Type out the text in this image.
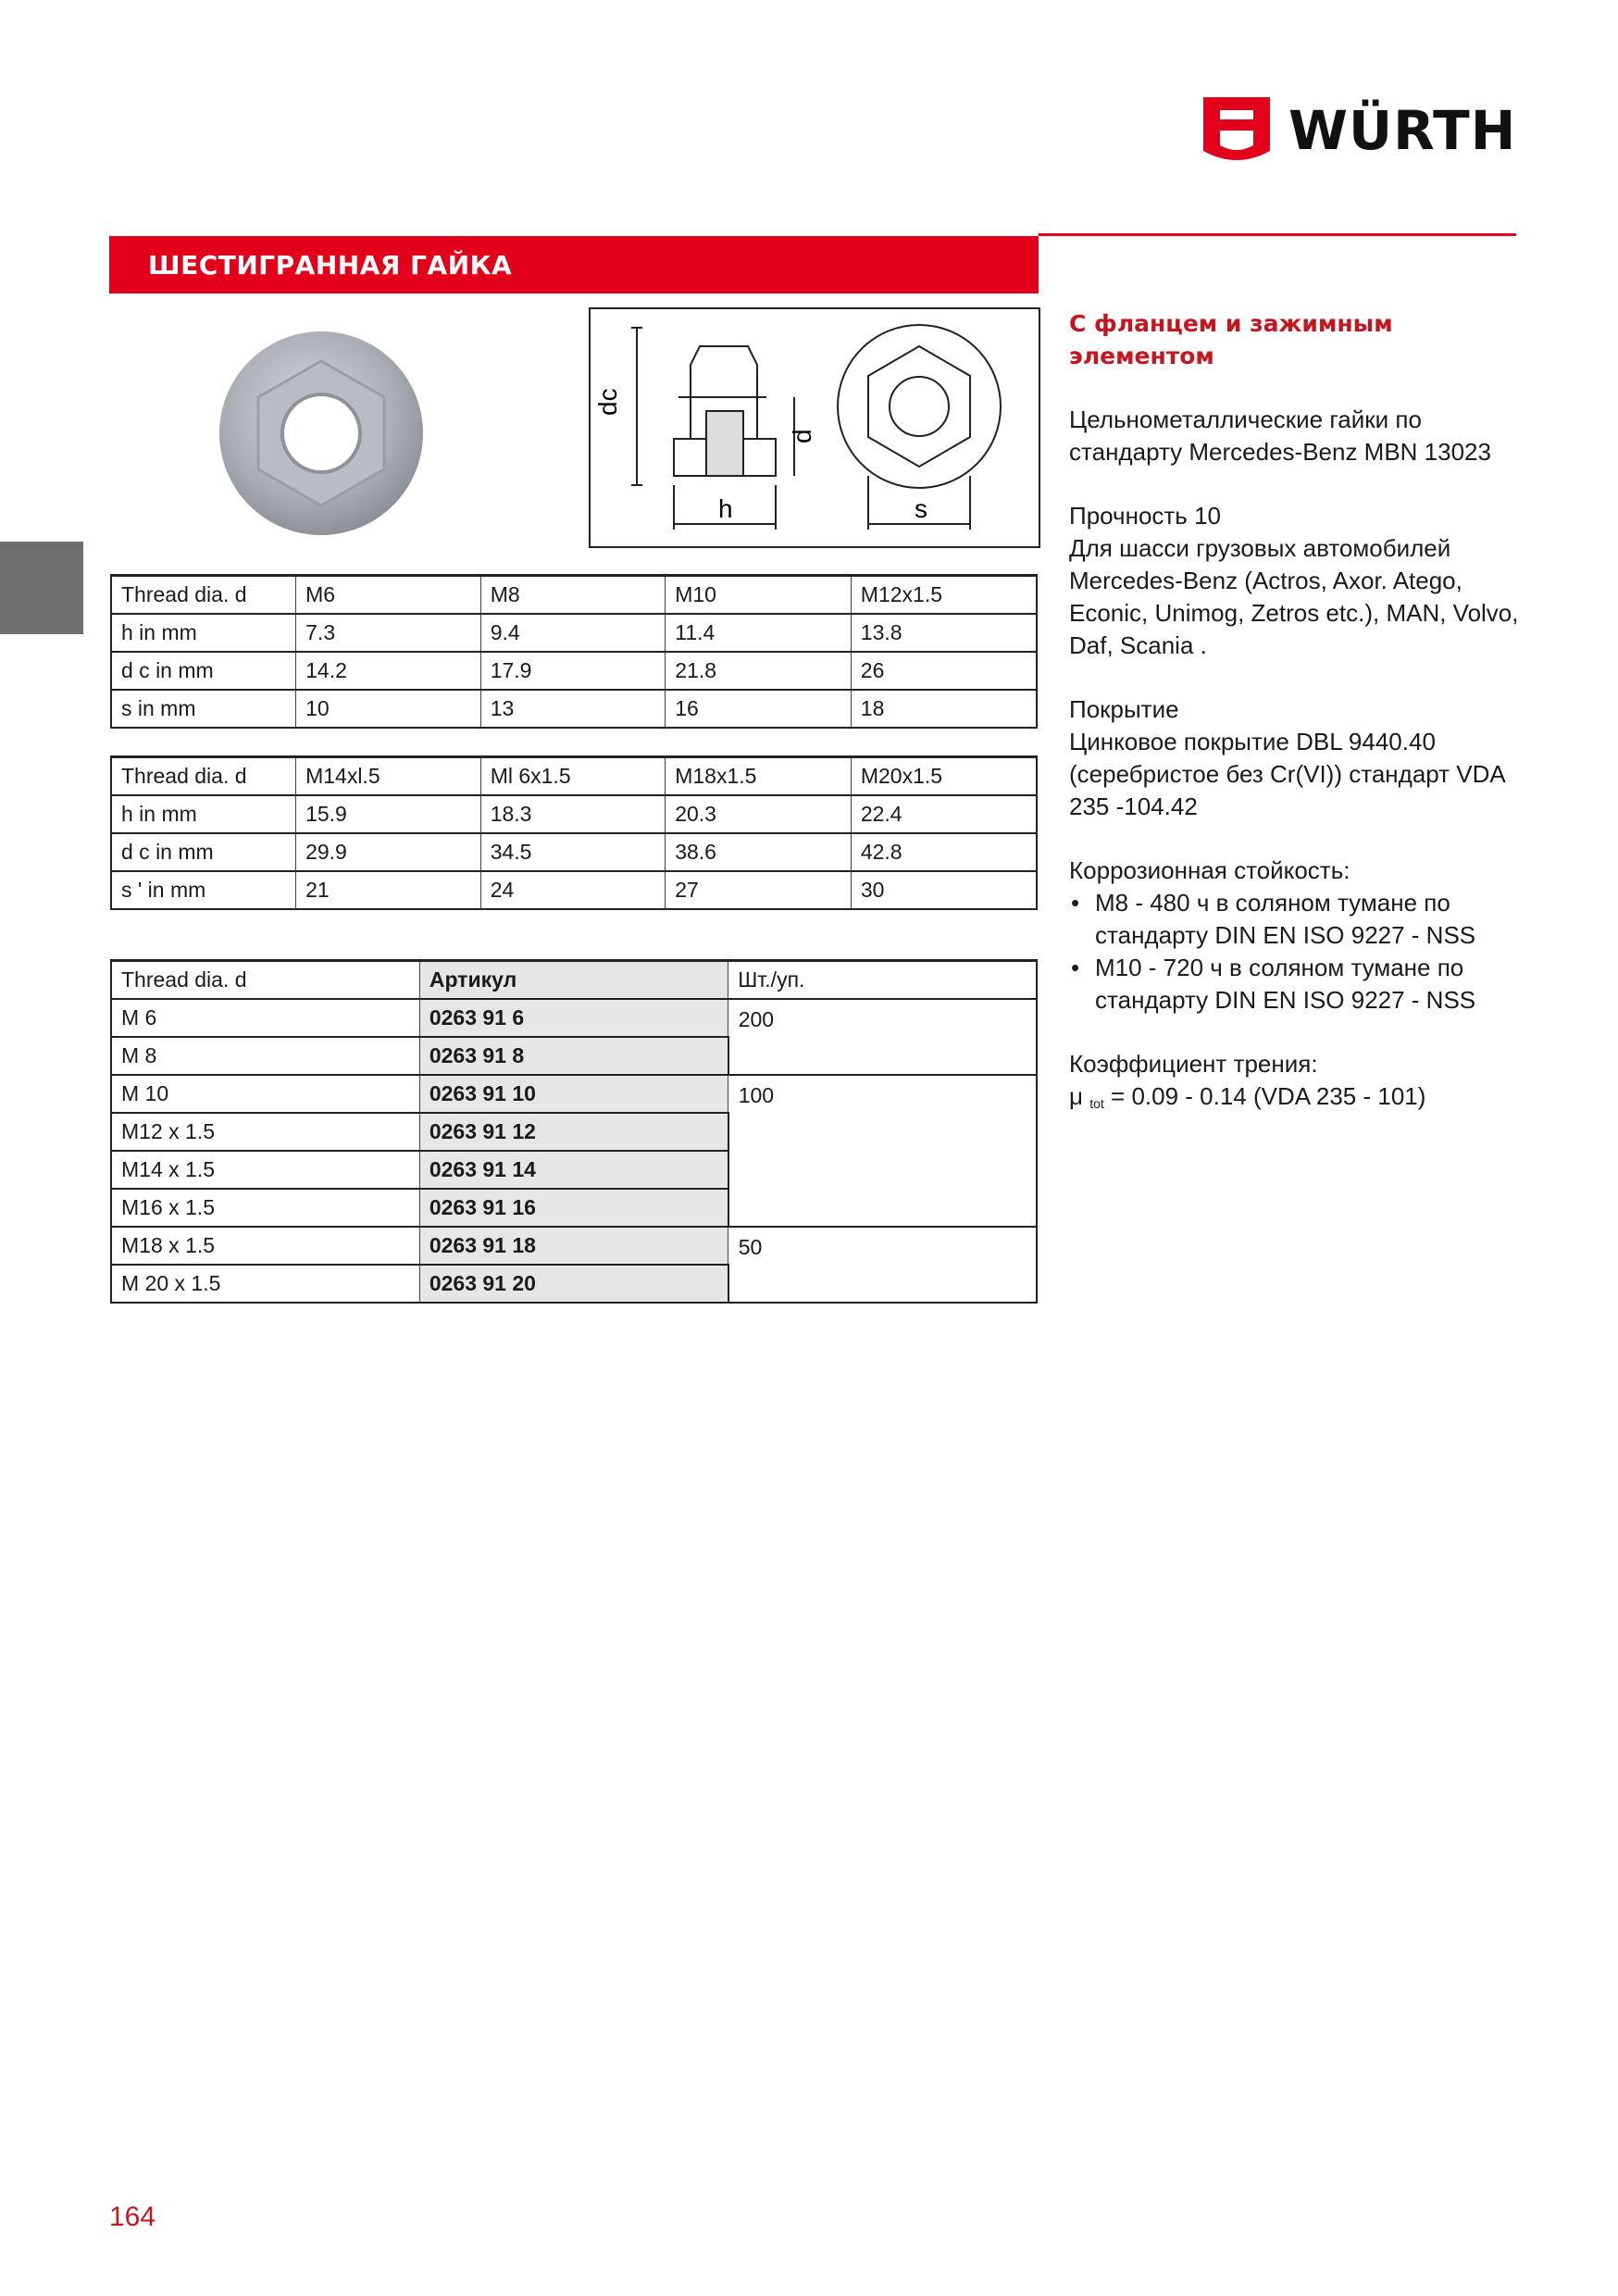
WÜRTH
ШЕСТИГРАННАЯ ГАЙКА
dc
d
h	s
Thread dia. d	M6	M8	M10	M12x1.5
h in mm	7.3	9.4	11.4	13.8
d c in mm	14.2	17.9	21.8	26
s in mm	10	13	16	18
Thread dia. d	M14xl.5	Ml 6x1.5	M18x1.5	M20x1.5
h in mm	15.9	18.3	20.3	22.4
d c in mm	29.9	34.5	38.6	42.8
s ' in mm	21	24	27	30
Thread dia. d	Артикул	Шт./уп.
M 6	0263 91 6	200
M 8	0263 91 8	
M 10	0263 91 10	100
M12 x 1.5	0263 91 12	
M14 x 1.5	0263 91 14	
M16 x 1.5	0263 91 16	
M18 x 1.5	0263 91 18	50
M 20 x 1.5	0263 91 20	
С фланцем и зажимным элементом

Цельнометаллические гайки по стандарту Mercedes-Benz MBN 13023

Прочность 10
Для шасси грузовых автомобилей Mercedes-Benz (Actros, Axor. Atego, Econic, Unimog, Zetros etc.), MAN, Volvo, Daf, Scania .

Покрытие
Цинковое покрытие DBL 9440.40 (серебристое без Cr(VI)) стандарт VDA 235 -104.42

Коррозионная стойкость:
• М8 - 480 ч в соляном тумане по стандарту DIN EN ISO 9227 - NSS
• М10 - 720 ч в соляном тумане по стандарту DIN EN ISO 9227 - NSS
Коэффициент трения:
μ $_{tot}$ = 0.09 - 0.14 (VDA 235 - 101)
164
